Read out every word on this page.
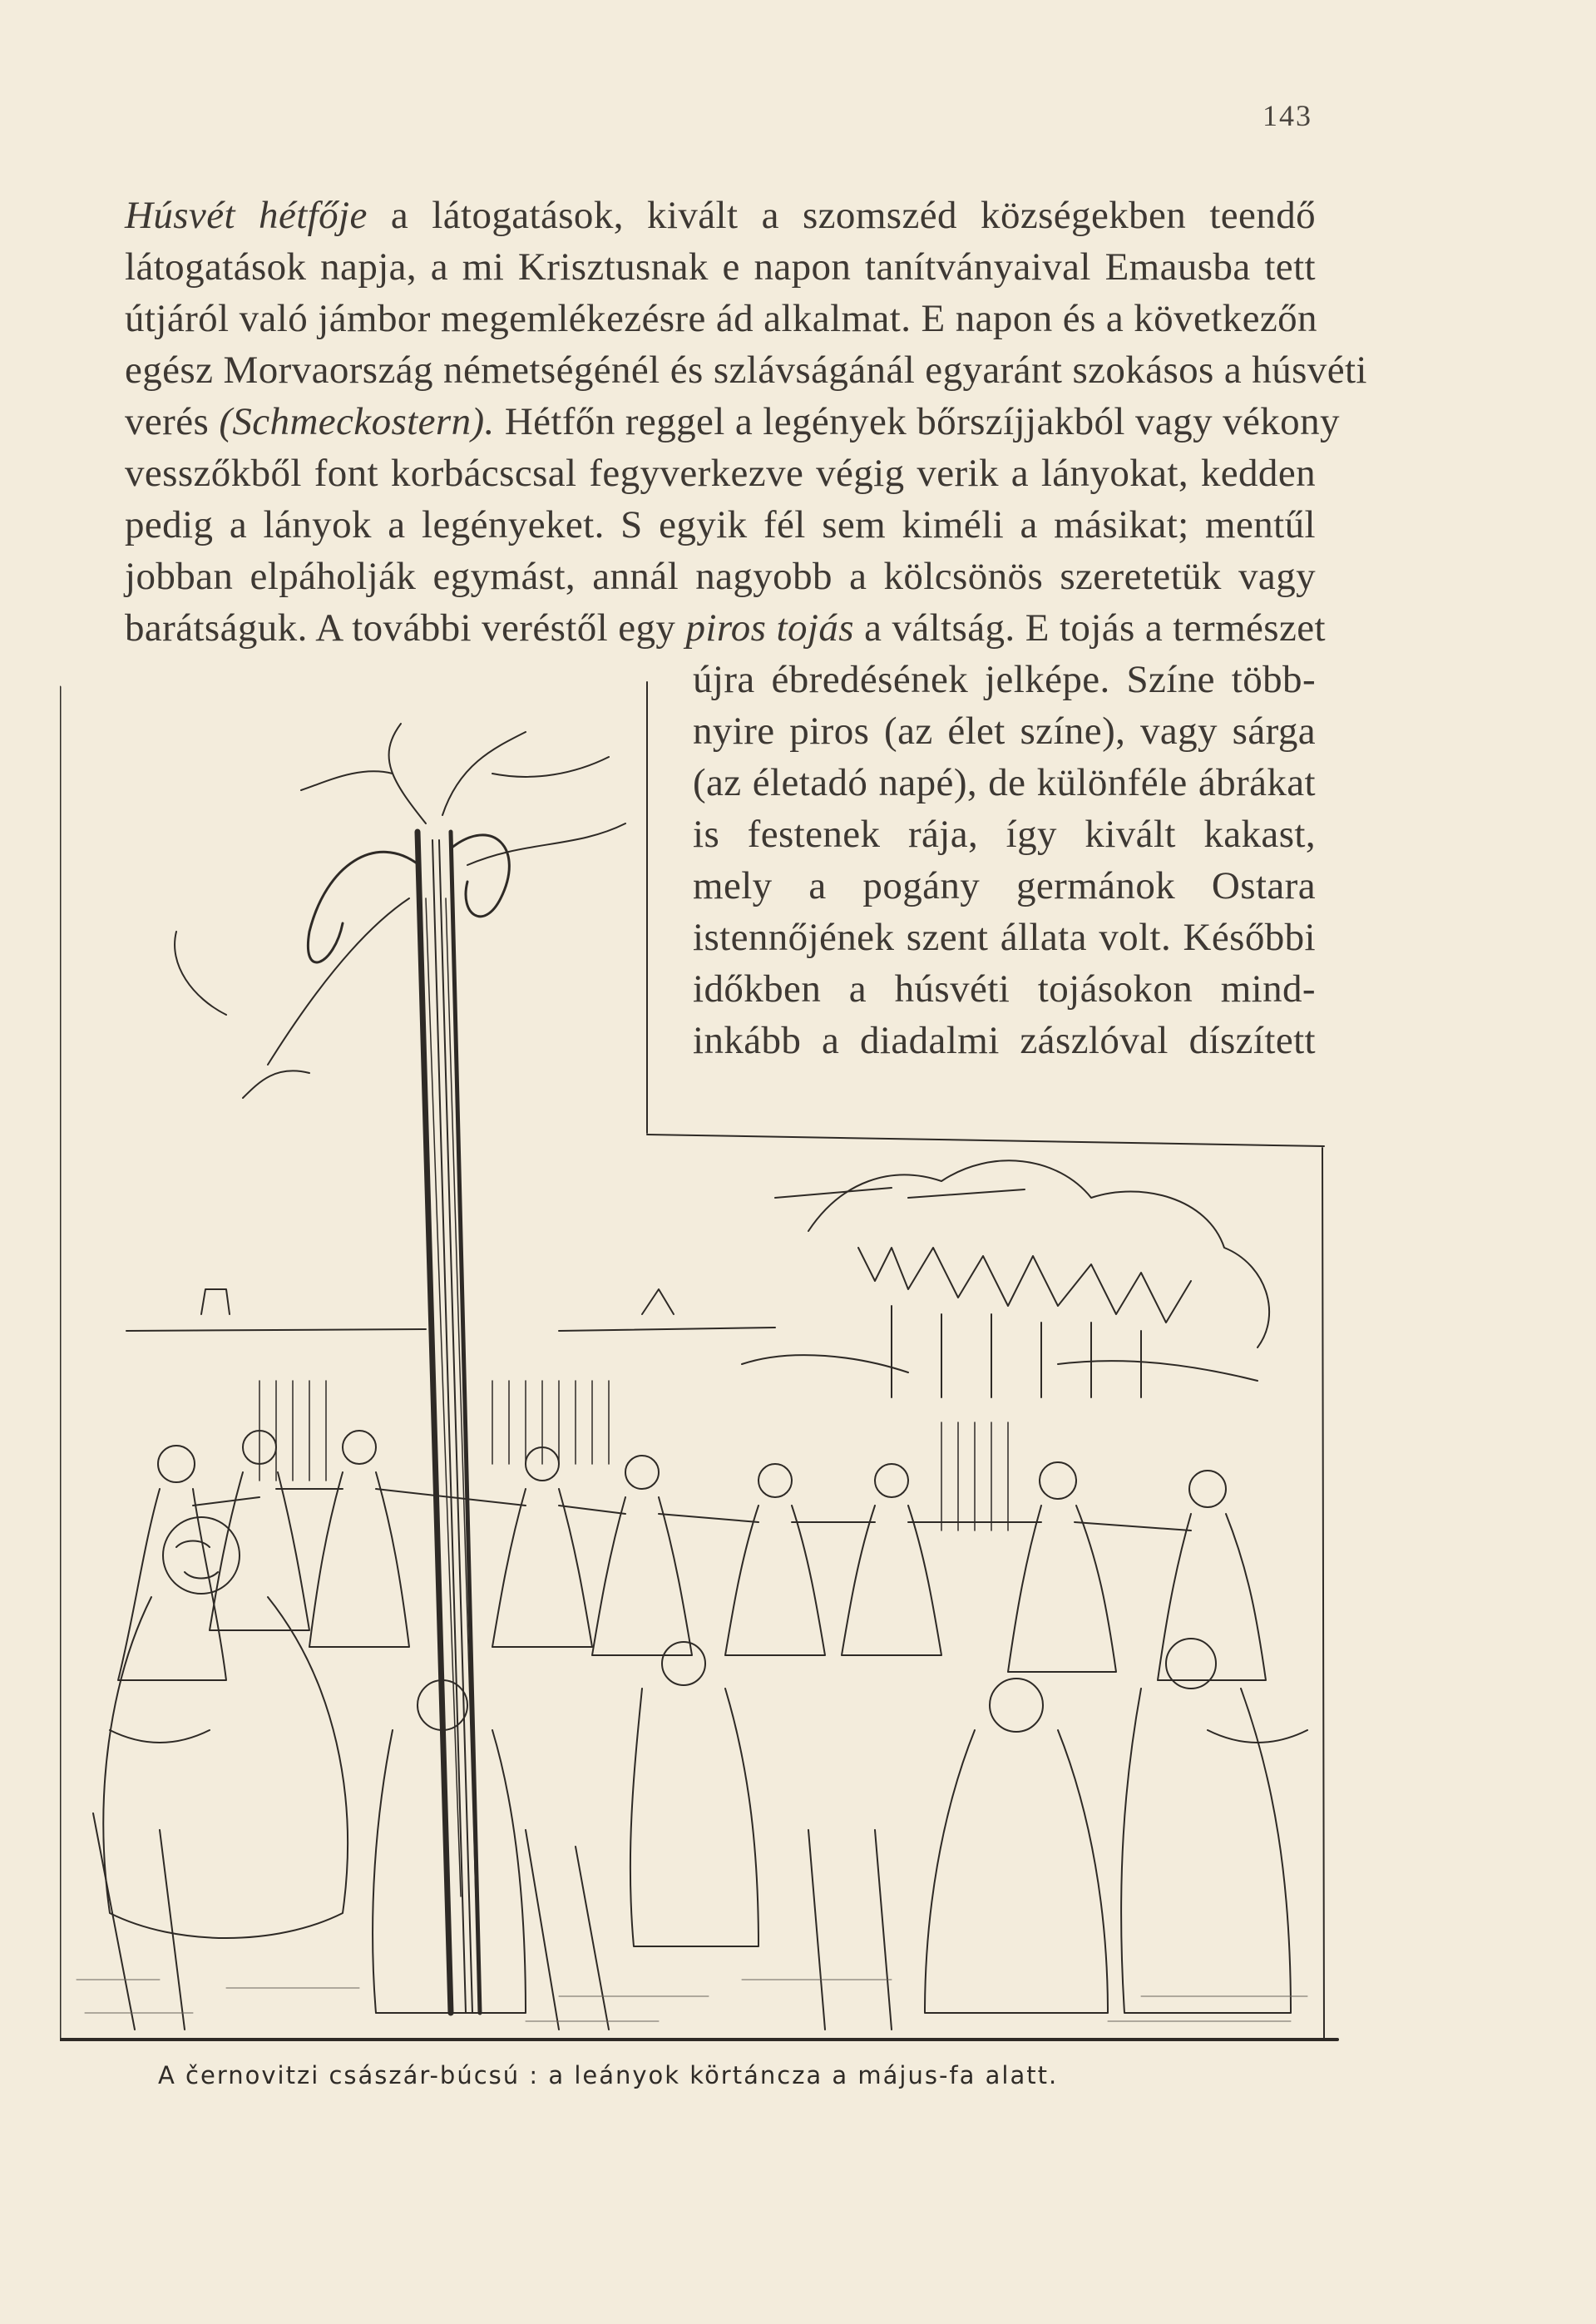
143
Húsvét hétfője a látogatások, kivált a szomszéd községekben teendő
látogatások napja, a mi Krisztusnak e napon tanítványaival Emausba tett
útjáról való jámbor megemlékezésre ád alkalmat. E napon és a következőn
egész Morvaország németségénél és szlávságánál egyaránt szokásos a húsvéti
verés (Schmeckostern). Hétfőn reggel a legények bőrszíjjakból vagy vékony
vesszőkből font korbácscsal fegyverkezve végig verik a lányokat, kedden
pedig a lányok a legényeket. S egyik fél sem kiméli a másikat; mentűl
jobban elpáholják egymást, annál nagyobb a kölcsönös szeretetük vagy
barátságuk. A további veréstől egy piros tojás a váltság. E tojás a természet
újra ébredésének jelképe. Színe több-
nyire piros (az élet színe), vagy sárga
(az életadó napé), de különféle ábrákat
is festenek rája, így kivált kakast,
mely a pogány germánok Ostara
istennőjének szent állata volt. Későbbi
időkben a húsvéti tojásokon mind-
inkább a diadalmi zászlóval díszített
A černovitzi császár-búcsú : a leányok körtáncza a május-fa alatt.
